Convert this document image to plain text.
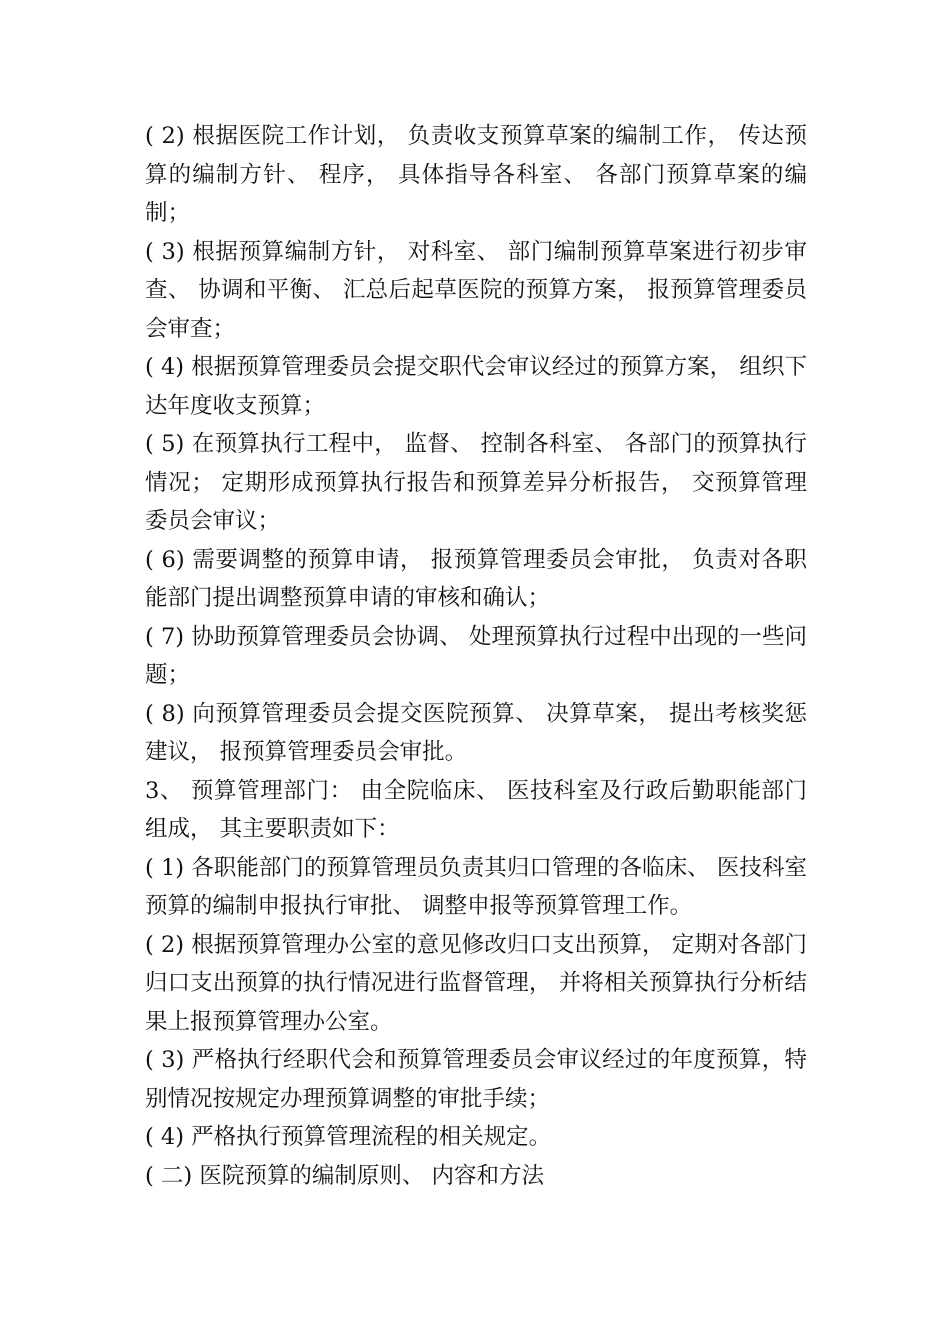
( 2) 根据医院工作计划， 负责收支预算草案的编制工作， 传达预算的编制方针、 程序， 具体指导各科室、 各部门预算草案的编制；

( 3) 根据预算编制方针， 对科室、 部门编制预算草案进行初步审查、 协调和平衡、 汇总后起草医院的预算方案， 报预算管理委员会审查；

( 4) 根据预算管理委员会提交职代会审议经过的预算方案， 组织下达年度收支预算；

( 5) 在预算执行工程中， 监督、 控制各科室、 各部门的预算执行情况； 定期形成预算执行报告和预算差异分析报告， 交预算管理委员会审议；

( 6) 需要调整的预算申请， 报预算管理委员会审批， 负责对各职能部门提出调整预算申请的审核和确认；

( 7) 协助预算管理委员会协调、 处理预算执行过程中出现的一些问题；

( 8) 向预算管理委员会提交医院预算、 决算草案， 提出考核奖惩建议， 报预算管理委员会审批。

3、 预算管理部门： 由全院临床、 医技科室及行政后勤职能部门组成， 其主要职责如下：

( 1) 各职能部门的预算管理员负责其归口管理的各临床、 医技科室预算的编制申报执行审批、 调整申报等预算管理工作。

( 2) 根据预算管理办公室的意见修改归口支出预算， 定期对各部门归口支出预算的执行情况进行监督管理， 并将相关预算执行分析结果上报预算管理办公室。

( 3) 严格执行经职代会和预算管理委员会审议经过的年度预算，特别情况按规定办理预算调整的审批手续；

( 4) 严格执行预算管理流程的相关规定。

( 二) 医院预算的编制原则、 内容和方法
